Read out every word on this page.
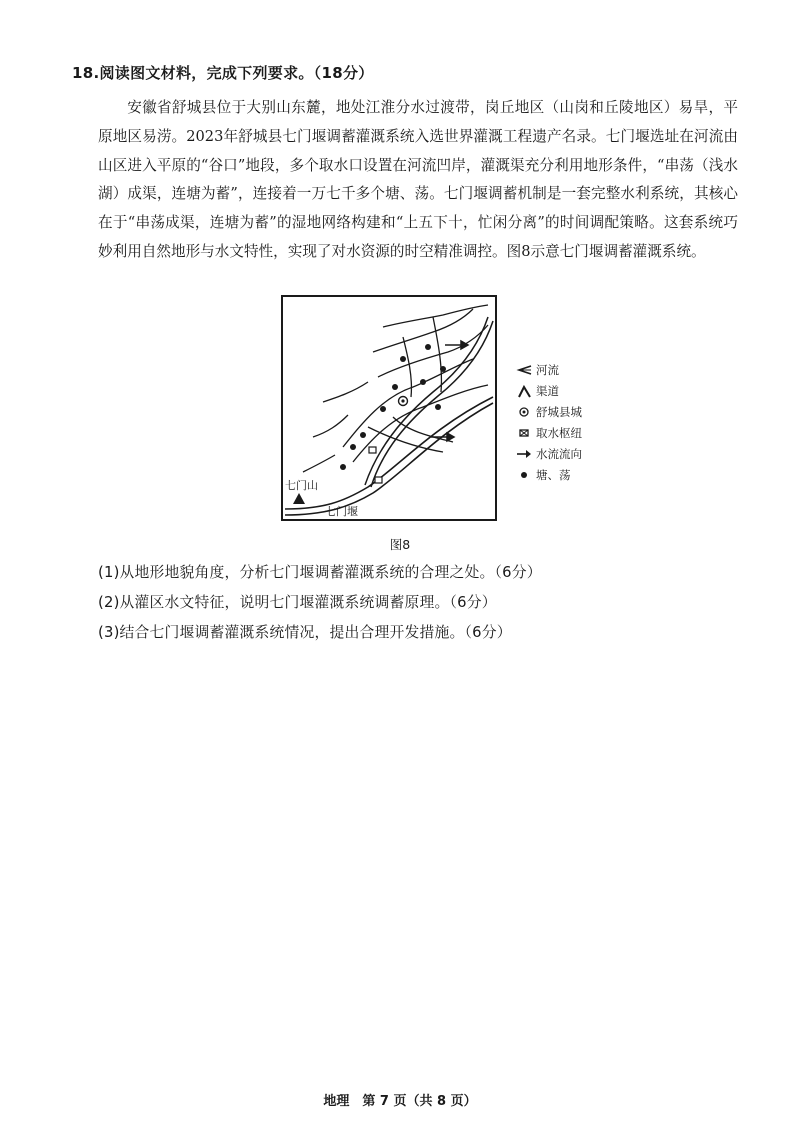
18.阅读图文材料，完成下列要求。（18分）

安徽省舒城县位于大别山东麓，地处江淮分水过渡带，岗丘地区（山岗和丘陵地区）易旱，平原地区易涝。2023年舒城县七门堰调蓄灌溉系统入选世界灌溉工程遗产名录。七门堰选址在河流由山区进入平原的“谷口”地段，多个取水口设置在河流凹岸，灌溉渠充分利用地形条件，“串荡（浅水湖）成渠，连塘为蓄”，连接着一万七千多个塘、荡。七门堰调蓄机制是一套完整水利系统，其核心在于“串荡成渠，连塘为蓄”的湿地网络构建和“上五下十，忙闲分离”的时间调配策略。这套系统巧妙利用自然地形与水文特性，实现了对水资源的时空精准调控。图8示意七门堰调蓄灌溉系统。

七门山
七门堰
河流
渠道
舒城县城
取水枢纽
水流流向
塘、荡
图8
(1)从地形地貌角度，分析七门堰调蓄灌溉系统的合理之处。（6分）
(2)从灌区水文特征，说明七门堰灌溉系统调蓄原理。（6分）
(3)结合七门堰调蓄灌溉系统情况，提出合理开发措施。（6分）
地理　第 7 页（共 8 页）
